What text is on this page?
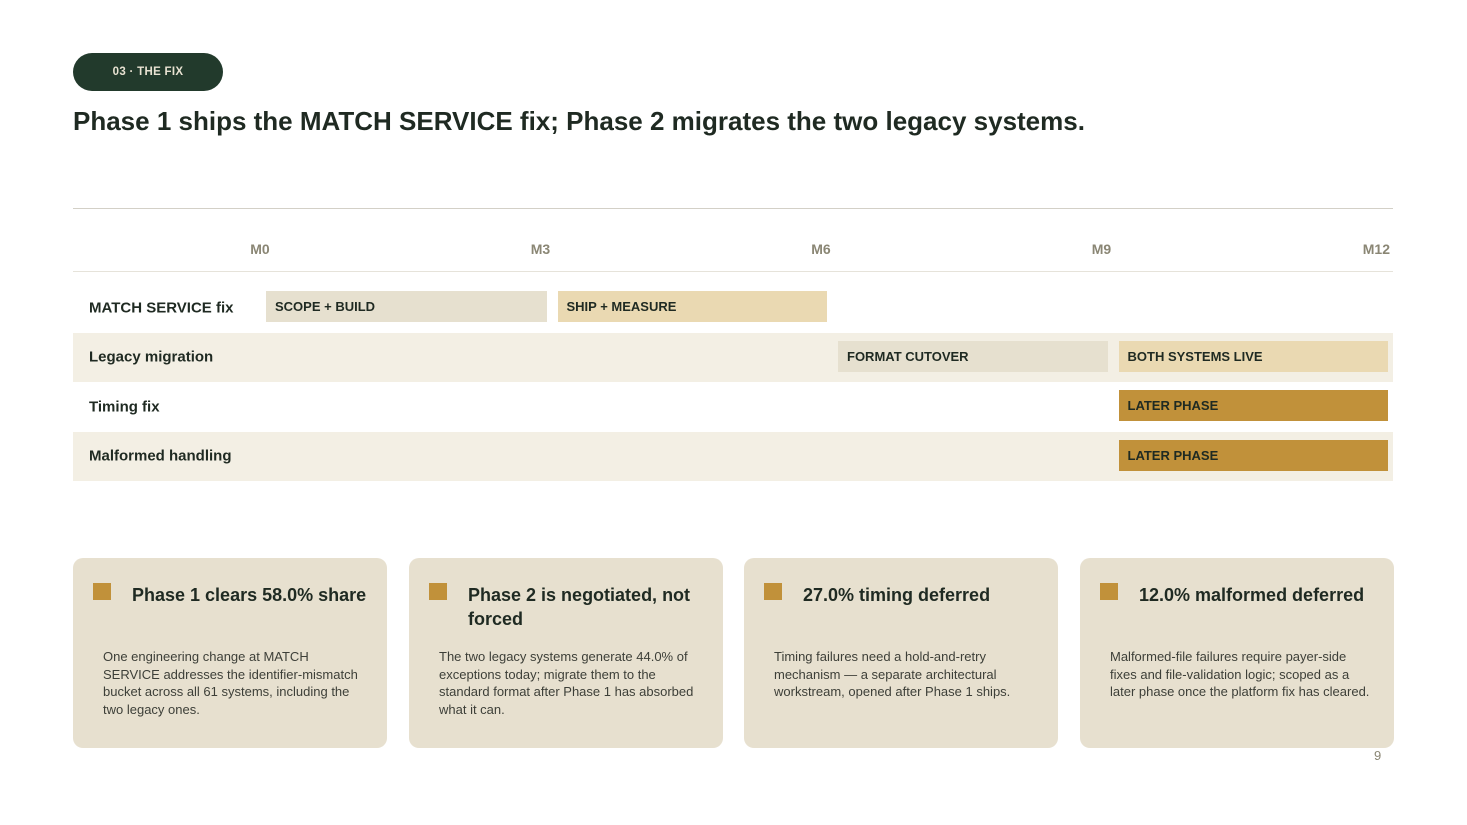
03 · THE FIX
Phase 1 ships the MATCH SERVICE fix; Phase 2 migrates the two legacy systems.
M0	M3	M6	M9	M12
MATCH SERVICE fix	SCOPE + BUILD	SHIP + MEASURE
Legacy migration	FORMAT CUTOVER	BOTH SYSTEMS LIVE
Timing fix	LATER PHASE
Malformed handling	LATER PHASE
Phase 1 clears 58.0% share
One engineering change at MATCH SERVICE addresses the identifier-mismatch bucket across all 61 systems, including the two legacy ones.
Phase 2 is negotiated, not forced
The two legacy systems generate 44.0% of exceptions today; migrate them to the standard format after Phase 1 has absorbed what it can.
27.0% timing deferred
Timing failures need a hold-and-retry mechanism — a separate architectural workstream, opened after Phase 1 ships.
12.0% malformed deferred
Malformed-file failures require payer-side fixes and file-validation logic; scoped as a later phase once the platform fix has cleared.
9
